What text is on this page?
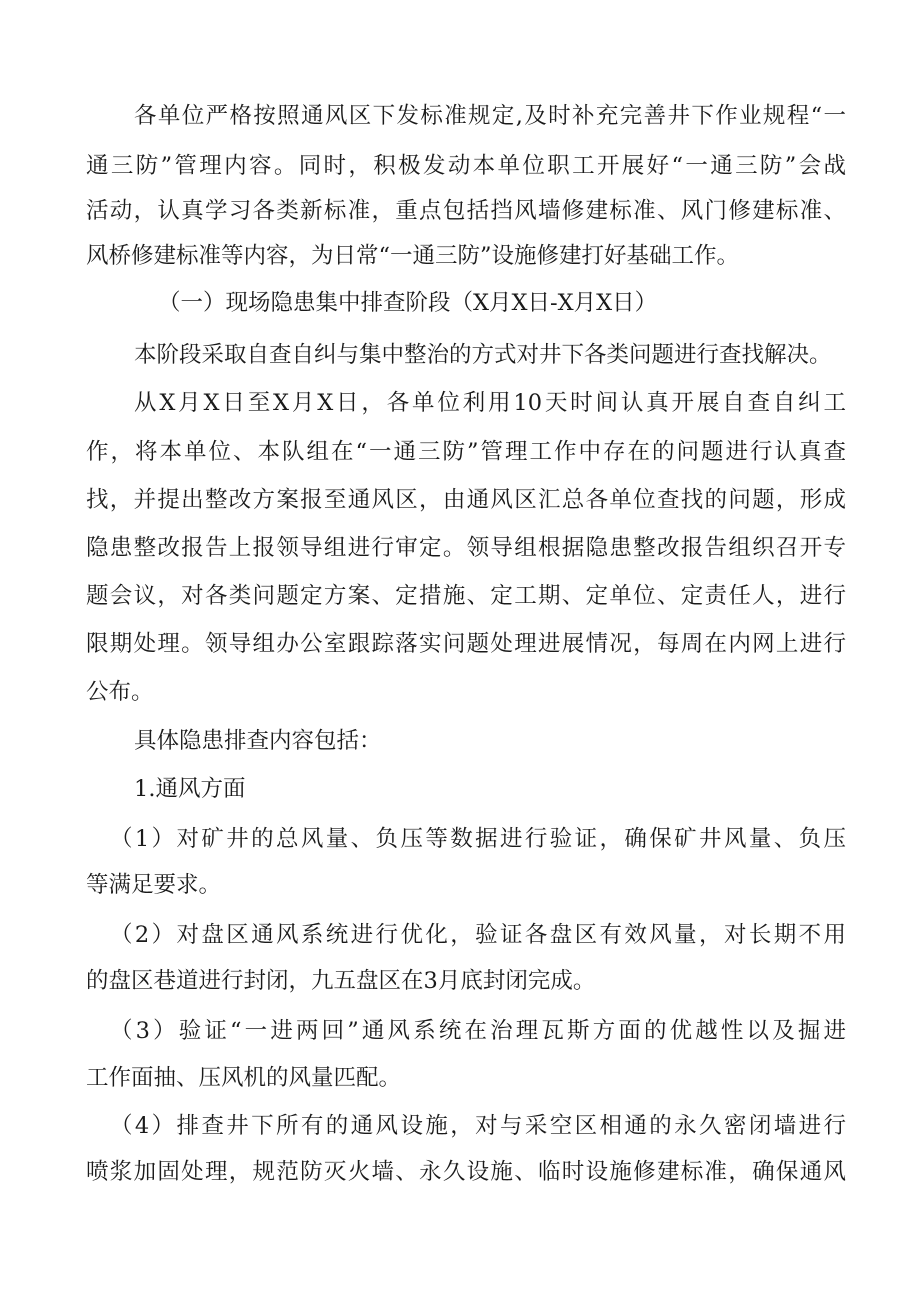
各单位严格按照通风区下发标准规定,及时补充完善井下作业规程“一

通三防”管理内容。同时，积极发动本单位职工开展好“一通三防”会战

活动，认真学习各类新标准，重点包括挡风墙修建标准、风门修建标准、

风桥修建标准等内容，为日常“一通三防”设施修建打好基础工作。

（一）现场隐患集中排查阶段（X月X日-X月X日）

本阶段采取自查自纠与集中整治的方式对井下各类问题进行查找解决。

从X月X日至X月X日，各单位利用10天时间认真开展自查自纠工

作，将本单位、本队组在“一通三防”管理工作中存在的问题进行认真查

找，并提出整改方案报至通风区，由通风区汇总各单位查找的问题，形成

隐患整改报告上报领导组进行审定。领导组根据隐患整改报告组织召开专

题会议，对各类问题定方案、定措施、定工期、定单位、定责任人，进行

限期处理。领导组办公室跟踪落实问题处理进展情况，每周在内网上进行

公布。

具体隐患排查内容包括：

1.通风方面

（1）对矿井的总风量、负压等数据进行验证，确保矿井风量、负压

等满足要求。

（2）对盘区通风系统进行优化，验证各盘区有效风量，对长期不用

的盘区巷道进行封闭，九五盘区在3月底封闭完成。

（3）验证“一进两回”通风系统在治理瓦斯方面的优越性以及掘进

工作面抽、压风机的风量匹配。

（4）排查井下所有的通风设施，对与采空区相通的永久密闭墙进行

喷浆加固处理，规范防灭火墙、永久设施、临时设施修建标准，确保通风
